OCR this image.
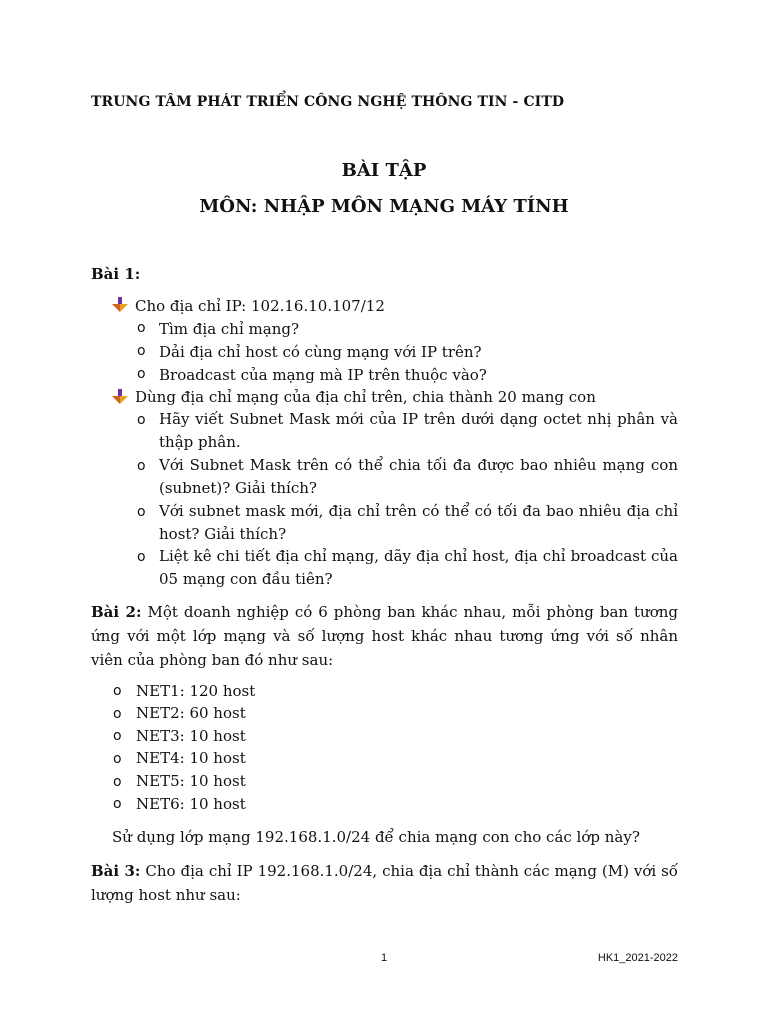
TRUNG TÂM PHÁT TRIỂN CÔNG NGHỆ THÔNG TIN - CITD
BÀI TẬP
MÔN: NHẬP MÔN MẠNG MÁY TÍNH
Bài 1:
Cho địa chỉ IP: 102.16.10.107/12
o Tìm địa chỉ mạng?
o Dải địa chỉ host có cùng mạng với IP trên?
o Broadcast của mạng mà IP trên thuộc vào?
Dùng địa chỉ mạng của địa chỉ trên, chia thành 20 mang con
o Hãy viết Subnet Mask mới của IP trên dưới dạng octet nhị phân và thập phân.
o Với Subnet Mask trên có thể chia tối đa được bao nhiêu mạng con (subnet)? Giải thích?
o Với subnet mask mới, địa chỉ trên có thể có tối đa bao nhiêu địa chỉ host? Giải thích?
o Liệt kê chi tiết địa chỉ mạng, dãy địa chỉ host, địa chỉ broadcast của 05 mạng con đầu tiên?
Bài 2: Một doanh nghiệp có 6 phòng ban khác nhau, mỗi phòng ban tương ứng với một lớp mạng và số lượng host khác nhau tương ứng với số nhân viên của phòng ban đó như sau:
o NET1: 120 host
o NET2: 60 host
o NET3: 10 host
o NET4: 10 host
o NET5: 10 host
o NET6: 10 host
Sử dụng lớp mạng 192.168.1.0/24 để chia mạng con cho các lớp này?
Bài 3: Cho địa chỉ IP 192.168.1.0/24, chia địa chỉ thành các mạng (M) với số lượng host như sau:
1	HK1_2021-2022
